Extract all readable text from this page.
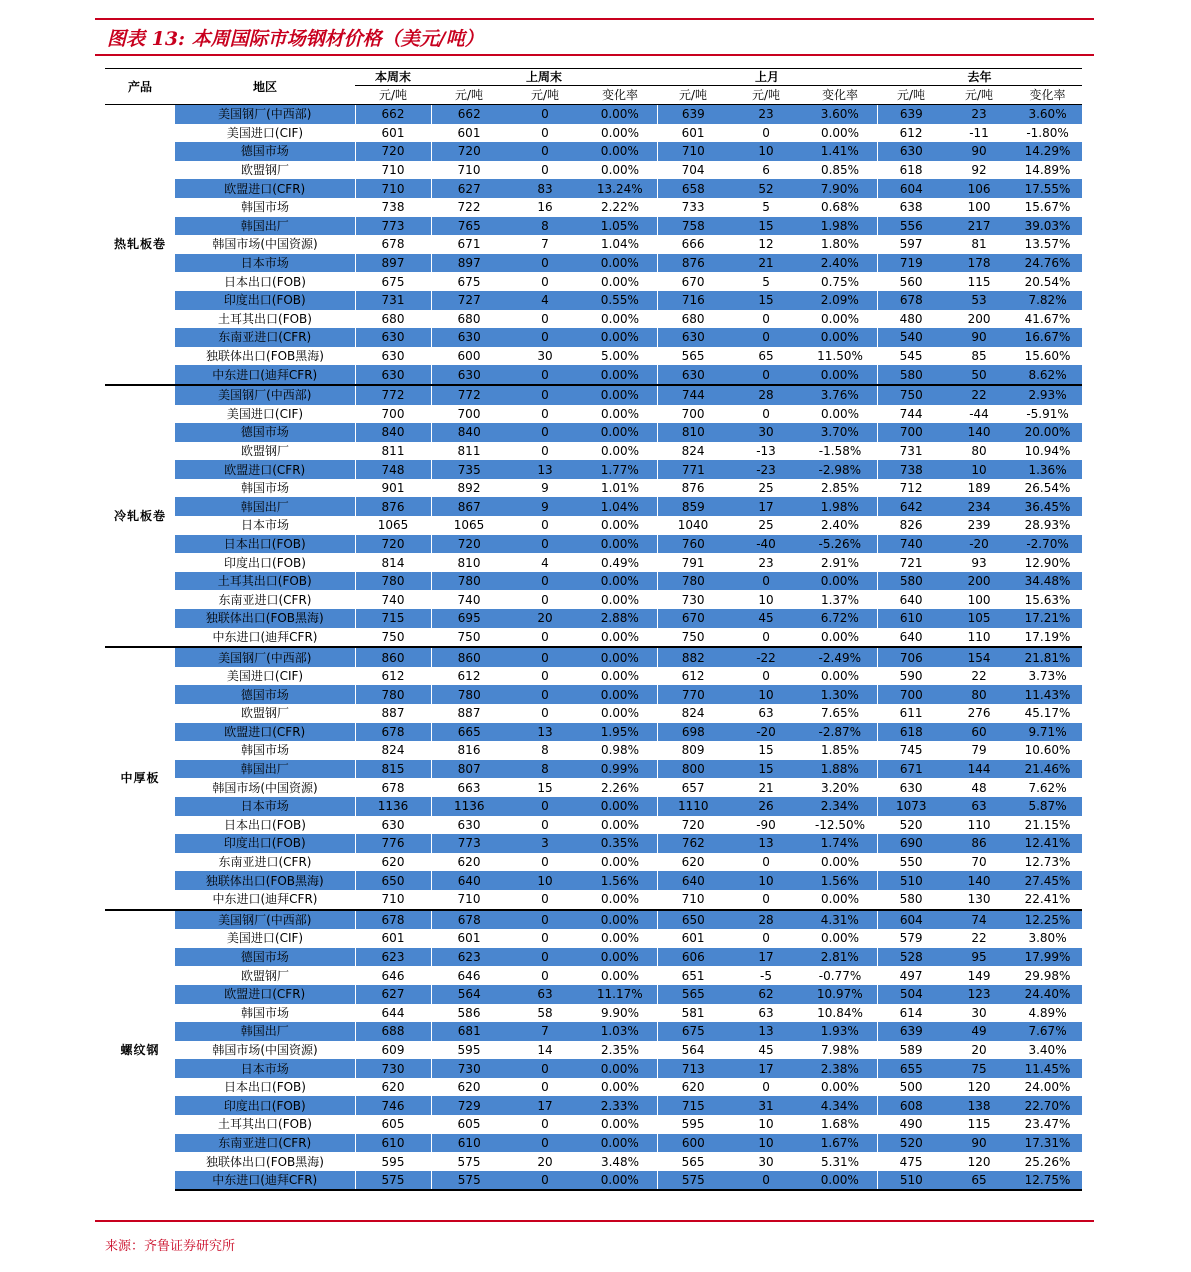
图表 13: 本周国际市场钢材价格（美元/吨）
产品	地区	本周末	上周末			上月			去年		
		元/吨	元/吨	元/吨	变化率	元/吨	元/吨	变化率	元/吨	元/吨	变化率
热轧板卷	美国钢厂(中西部)	662	662	0	0.00%	639	23	3.60%	639	23	3.60%
	美国进口(CIF)	601	601	0	0.00%	601	0	0.00%	612	-11	-1.80%
	德国市场	720	720	0	0.00%	710	10	1.41%	630	90	14.29%
	欧盟钢厂	710	710	0	0.00%	704	6	0.85%	618	92	14.89%
	欧盟进口(CFR)	710	627	83	13.24%	658	52	7.90%	604	106	17.55%
	韩国市场	738	722	16	2.22%	733	5	0.68%	638	100	15.67%
	韩国出厂	773	765	8	1.05%	758	15	1.98%	556	217	39.03%
	韩国市场(中国资源)	678	671	7	1.04%	666	12	1.80%	597	81	13.57%
	日本市场	897	897	0	0.00%	876	21	2.40%	719	178	24.76%
	日本出口(FOB)	675	675	0	0.00%	670	5	0.75%	560	115	20.54%
	印度出口(FOB)	731	727	4	0.55%	716	15	2.09%	678	53	7.82%
	土耳其出口(FOB)	680	680	0	0.00%	680	0	0.00%	480	200	41.67%
	东南亚进口(CFR)	630	630	0	0.00%	630	0	0.00%	540	90	16.67%
	独联体出口(FOB黑海)	630	600	30	5.00%	565	65	11.50%	545	85	15.60%
	中东进口(迪拜CFR)	630	630	0	0.00%	630	0	0.00%	580	50	8.62%
冷轧板卷	美国钢厂(中西部)	772	772	0	0.00%	744	28	3.76%	750	22	2.93%
	美国进口(CIF)	700	700	0	0.00%	700	0	0.00%	744	-44	-5.91%
	德国市场	840	840	0	0.00%	810	30	3.70%	700	140	20.00%
	欧盟钢厂	811	811	0	0.00%	824	-13	-1.58%	731	80	10.94%
	欧盟进口(CFR)	748	735	13	1.77%	771	-23	-2.98%	738	10	1.36%
	韩国市场	901	892	9	1.01%	876	25	2.85%	712	189	26.54%
	韩国出厂	876	867	9	1.04%	859	17	1.98%	642	234	36.45%
	日本市场	1065	1065	0	0.00%	1040	25	2.40%	826	239	28.93%
	日本出口(FOB)	720	720	0	0.00%	760	-40	-5.26%	740	-20	-2.70%
	印度出口(FOB)	814	810	4	0.49%	791	23	2.91%	721	93	12.90%
	土耳其出口(FOB)	780	780	0	0.00%	780	0	0.00%	580	200	34.48%
	东南亚进口(CFR)	740	740	0	0.00%	730	10	1.37%	640	100	15.63%
	独联体出口(FOB黑海)	715	695	20	2.88%	670	45	6.72%	610	105	17.21%
	中东进口(迪拜CFR)	750	750	0	0.00%	750	0	0.00%	640	110	17.19%
中厚板	美国钢厂(中西部)	860	860	0	0.00%	882	-22	-2.49%	706	154	21.81%
	美国进口(CIF)	612	612	0	0.00%	612	0	0.00%	590	22	3.73%
	德国市场	780	780	0	0.00%	770	10	1.30%	700	80	11.43%
	欧盟钢厂	887	887	0	0.00%	824	63	7.65%	611	276	45.17%
	欧盟进口(CFR)	678	665	13	1.95%	698	-20	-2.87%	618	60	9.71%
	韩国市场	824	816	8	0.98%	809	15	1.85%	745	79	10.60%
	韩国出厂	815	807	8	0.99%	800	15	1.88%	671	144	21.46%
	韩国市场(中国资源)	678	663	15	2.26%	657	21	3.20%	630	48	7.62%
	日本市场	1136	1136	0	0.00%	1110	26	2.34%	1073	63	5.87%
	日本出口(FOB)	630	630	0	0.00%	720	-90	-12.50%	520	110	21.15%
	印度出口(FOB)	776	773	3	0.35%	762	13	1.74%	690	86	12.41%
	东南亚进口(CFR)	620	620	0	0.00%	620	0	0.00%	550	70	12.73%
	独联体出口(FOB黑海)	650	640	10	1.56%	640	10	1.56%	510	140	27.45%
	中东进口(迪拜CFR)	710	710	0	0.00%	710	0	0.00%	580	130	22.41%
螺纹钢	美国钢厂(中西部)	678	678	0	0.00%	650	28	4.31%	604	74	12.25%
	美国进口(CIF)	601	601	0	0.00%	601	0	0.00%	579	22	3.80%
	德国市场	623	623	0	0.00%	606	17	2.81%	528	95	17.99%
	欧盟钢厂	646	646	0	0.00%	651	-5	-0.77%	497	149	29.98%
	欧盟进口(CFR)	627	564	63	11.17%	565	62	10.97%	504	123	24.40%
	韩国市场	644	586	58	9.90%	581	63	10.84%	614	30	4.89%
	韩国出厂	688	681	7	1.03%	675	13	1.93%	639	49	7.67%
	韩国市场(中国资源)	609	595	14	2.35%	564	45	7.98%	589	20	3.40%
	日本市场	730	730	0	0.00%	713	17	2.38%	655	75	11.45%
	日本出口(FOB)	620	620	0	0.00%	620	0	0.00%	500	120	24.00%
	印度出口(FOB)	746	729	17	2.33%	715	31	4.34%	608	138	22.70%
	土耳其出口(FOB)	605	605	0	0.00%	595	10	1.68%	490	115	23.47%
	东南亚进口(CFR)	610	610	0	0.00%	600	10	1.67%	520	90	17.31%
	独联体出口(FOB黑海)	595	575	20	3.48%	565	30	5.31%	475	120	25.26%
	中东进口(迪拜CFR)	575	575	0	0.00%	575	0	0.00%	510	65	12.75%
来源：齐鲁证券研究所
